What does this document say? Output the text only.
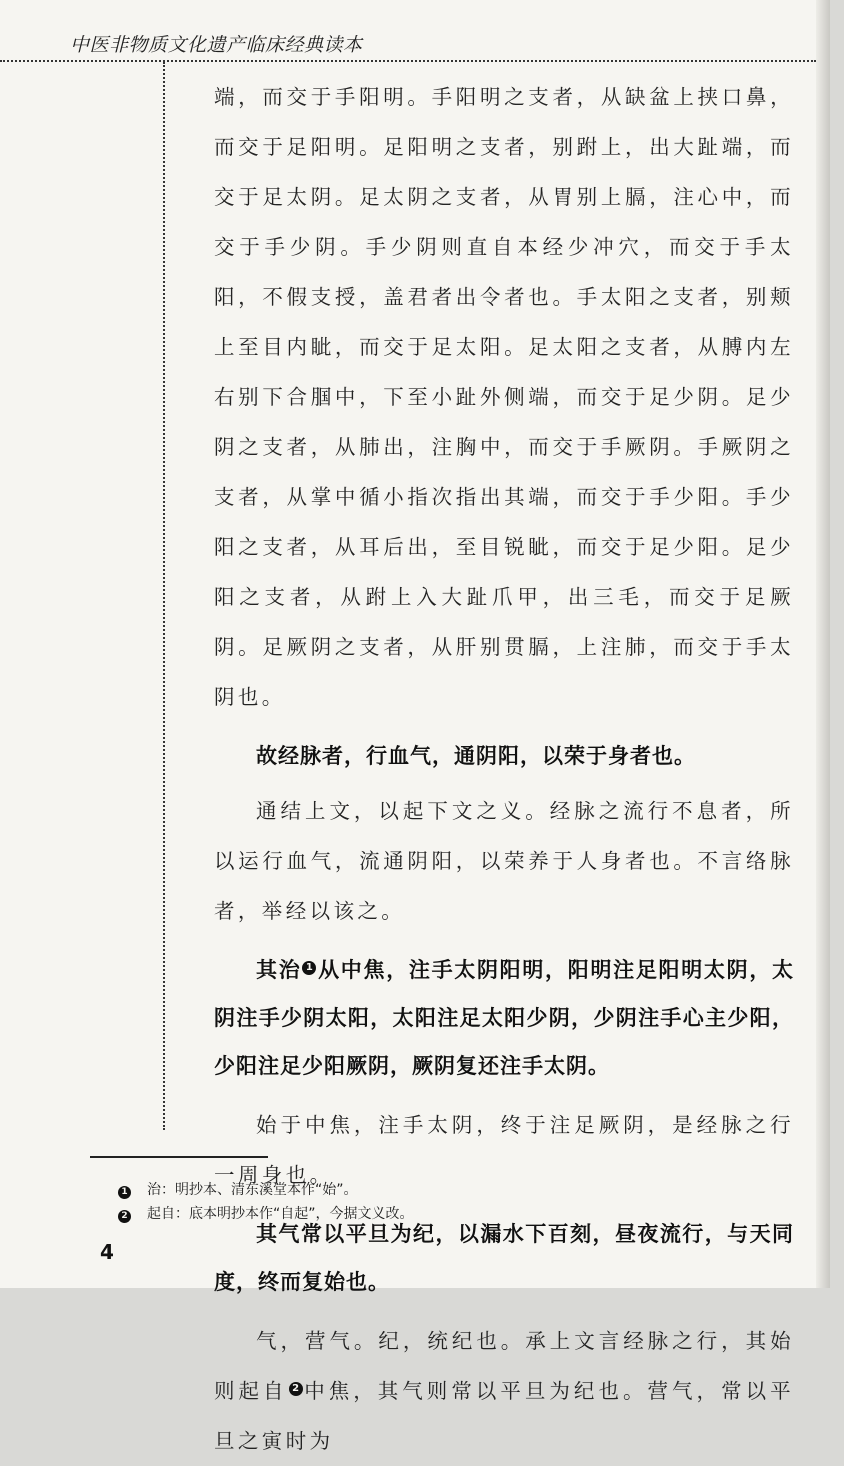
中医非物质文化遗产临床经典读本

端，而交于手阳明。手阳明之支者，从缺盆上挟口鼻，而交于足阳明。足阳明之支者，别跗上，出大趾端，而交于足太阴。足太阴之支者，从胃别上膈，注心中，而交于手少阴。手少阴则直自本经少冲穴，而交于手太阳，不假支授，盖君者出令者也。手太阳之支者，别颊上至目内眦，而交于足太阳。足太阳之支者，从膊内左右别下合腘中，下至小趾外侧端，而交于足少阴。足少阴之支者，从肺出，注胸中，而交于手厥阴。手厥阴之支者，从掌中循小指次指出其端，而交于手少阳。手少阳之支者，从耳后出，至目锐眦，而交于足少阳。足少阳之支者，从跗上入大趾爪甲，出三毛，而交于足厥阴。足厥阴之支者，从肝别贯膈，上注肺，而交于手太阴也。

故经脉者，行血气，通阴阳，以荣于身者也。

通结上文，以起下文之义。经脉之流行不息者，所以运行血气，流通阴阳，以荣养于人身者也。不言络脉者，举经以该之。

其治 1 从中焦，注手太阴阳明，阳明注足阳明太阴，太阴注手少阴太阳，太阳注足太阳少阴，少阴注手心主少阳，少阳注足少阳厥阴，厥阴复还注手太阴。

始于中焦，注手太阴，终于注足厥阴，是经脉之行一周身也。

其气常以平旦为纪，以漏水下百刻，昼夜流行，与天同度，终而复始也。

气，营气。纪，统纪也。承上文言经脉之行，其始则起自 2 中焦，其气则常以平旦为纪也。营气，常以平旦之寅时为

1 治：明抄本、清东溪堂本作“始”。
2 起自：底本明抄本作“自起”，今据文义改。
4
